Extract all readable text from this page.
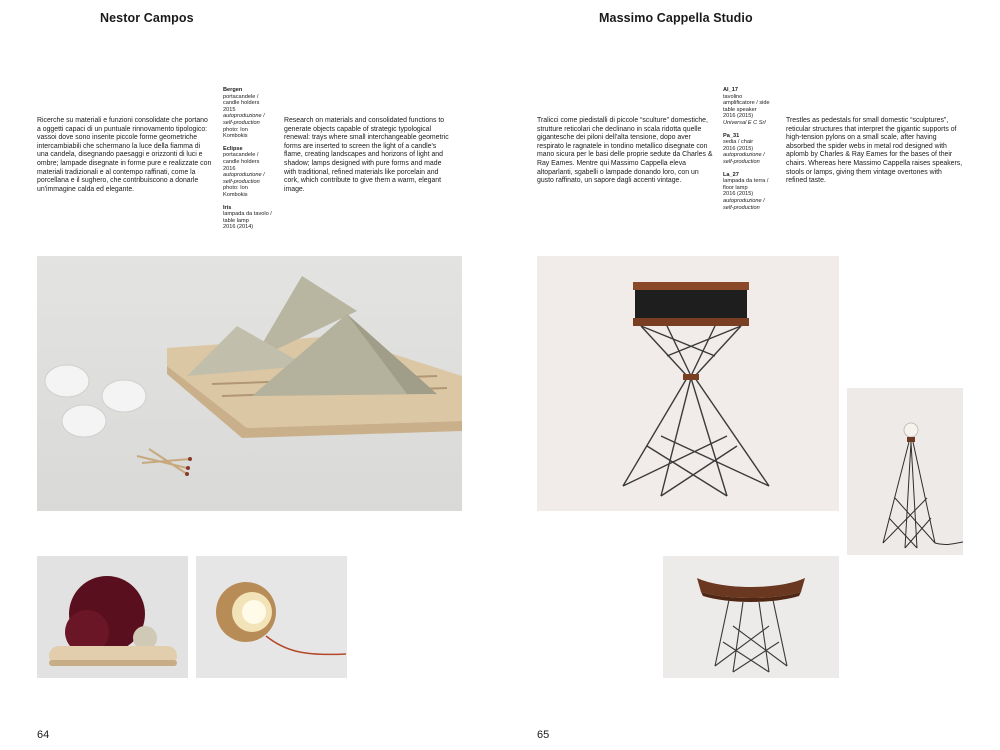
Nestor Campos
Ricerche su materiali e funzioni consolidate che portano a oggetti capaci di un puntuale rinnovamento tipologico: vassoi dove sono inserite piccole forme geometriche intercambiabili che schermano la luce della fiamma di una candela, disegnando paesaggi e orizzonti di luci e ombre; lampade disegnate in forme pure e realizzate con materiali tradizionali e al contempo raffinati, come la porcellana e il sughero, che contribuiscono a donarle un'immagine calda ed elegante.
Bergen
portacandele /
candle holders
2015
autoproduzione /
self-production
photo: Ion
Kombokis
Eclipse
portacandele /
candle holders
2016
autoproduzione /
self-production
photo: Ion
Kombokis
Iris
lampada da tavolo /
table lamp
2016 (2014)
Research on materials and consolidated functions to generate objects capable of strategic typological renewal: trays where small interchangeable geometric forms are inserted to screen the light of a candle's flame, creating landscapes and horizons of light and shadow; lamps designed with pure forms and made with traditional, refined materials like porcelain and cork, which contribute to give them a warm, elegant image.
64
Massimo Cappella Studio
Tralicci come piedistalli di piccole “sculture” domestiche, strutture reticolari che declinano in scala ridotta quelle gigantesche dei piloni dell'alta tensione, dopo aver respirato le ragnatele in tondino metallico disegnate con mano sicura per le basi delle proprie sedute da Charles & Ray Eames. Mentre qui Massimo Cappella eleva altoparlanti, sgabelli o lampade donando loro, con un gusto raffinato, un sapore dagli accenti vintage.
Al_17
tavolino
amplificatore / side
table speaker
2016 (2015)
Universal E C Srl
Pa_31
sedia / chair
2016 (2015)
autoproduzione /
self-production
La_27
lampada da terra /
floor lamp
2016 (2015)
autoproduzione /
self-production
Trestles as pedestals for small domestic “sculptures”, reticular structures that interpret the gigantic supports of high-tension pylons on a small scale, after having absorbed the spider webs in metal rod designed with aplomb by Charles & Ray Eames for the bases of their chairs. Whereas here Massimo Cappella raises speakers, stools or lamps, giving them vintage overtones with refined taste.
65
